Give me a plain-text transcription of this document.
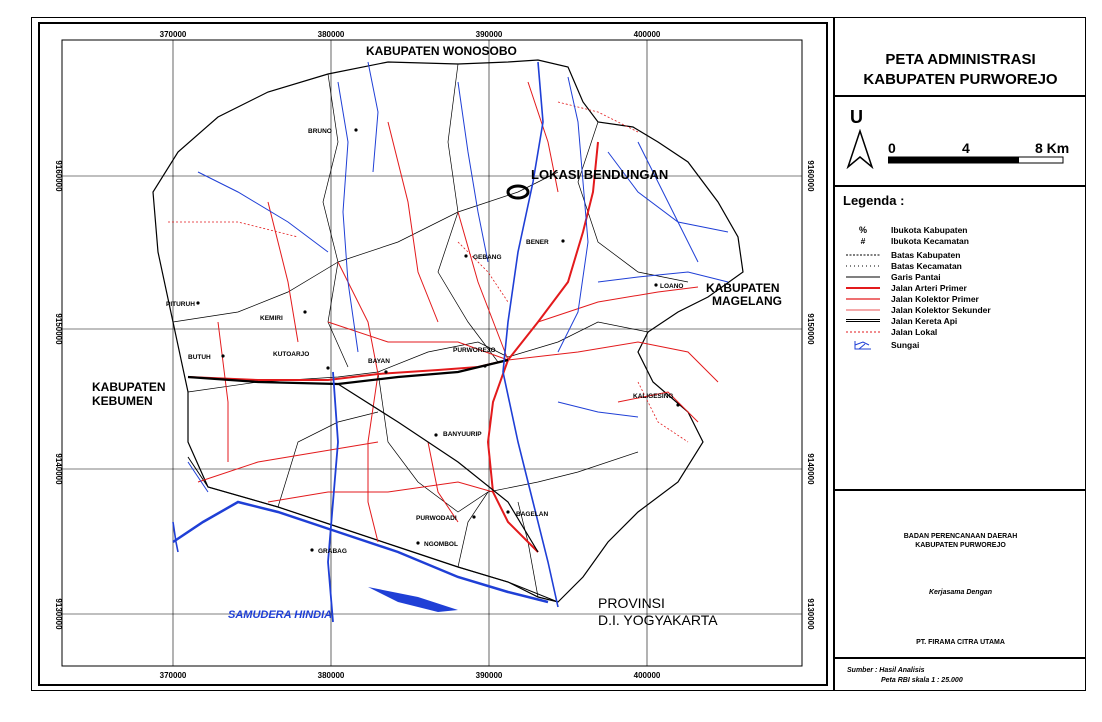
370000	380000	390000	400000
370000	380000	390000	400000
9160000
9150000
9140000
9130000
9160000
9150000
9140000
9130000
KABUPATEN WONOSOBO
KABUPATEN
MAGELANG
KABUPATEN
KEBUMEN
PROVINSI
D.I. YOGYAKARTA
LOKASI BENDUNGAN
SAMUDERA HINDIA
BRUNO
GEBANG
BENER
LOANO
PITURUH
KEMIRI
BUTUH	KUTOARJO
BAYAN
PURWOREJO
KALIGESING
BANYUURIP
BAGELAN
PURWODADI
NGOMBOL
GRABAG
PETA ADMINISTRASI
KABUPATEN PURWOREJO
U
0	4	8 Km
Legenda :
%	Ibukota Kabupaten
#	Ibukota Kecamatan
Batas Kabupaten
Batas Kecamatan
Garis Pantai
Jalan Arteri Primer
Jalan Kolektor Primer
Jalan Kolektor Sekunder
Jalan Kereta Api
Jalan Lokal
Sungai
BADAN PERENCANAAN DAERAH
KABUPATEN PURWOREJO
Kerjasama Dengan
PT. FIRAMA CITRA UTAMA
Sumber : Hasil Analisis
Peta RBI skala 1 : 25.000
